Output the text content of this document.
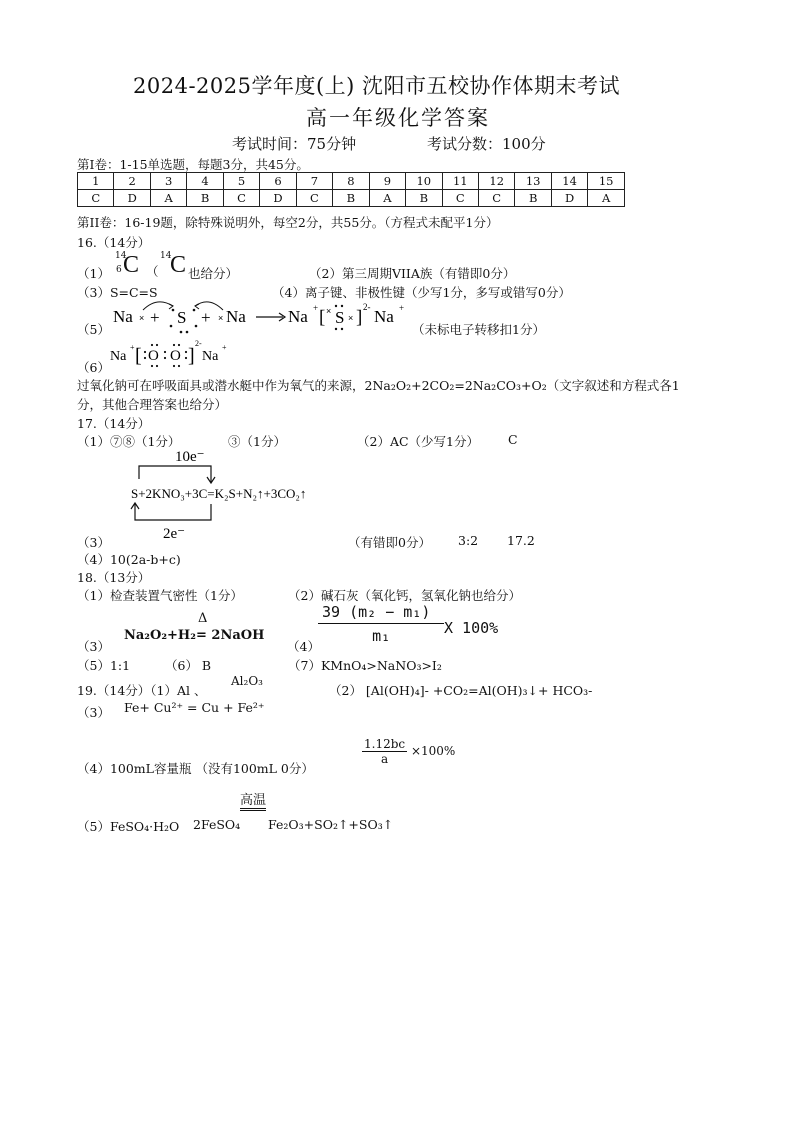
2024-2025学年度(上) 沈阳市五校协作体期末考试
高一年级化学答案
考试时间：75分钟	考试分数：100分
第Ⅰ卷：1-15单选题，每题3分，共45分。
1	2	3	4	5	6	7	8	9	10	11	12	13	14	15
C	D	A	B	C	D	C	B	A	B	C	C	B	D	A
第II卷：16-19题，除特殊说明外，每空2分，共55分。（方程式未配平1分）
16.（14分）
（1）
14
6 C （
14
C 也给分）	（2）第三周期VIIA族（有错即0分）
（3）S=C=S	（4）离子键、非极性键（少写1分，多写或错写0分）
（5）
Na × + S + × Na Na + [ × S × ] 2- Na +
（未标电子转移扣1分）
（6）
Na
+ [ O O ]
2-
Na
+
过氧化钠可在呼吸面具或潜水艇中作为氧气的来源，2Na₂O₂+2CO₂=2Na₂CO₃+O₂（文字叙述和方程式各1
分，其他合理答案也给分）
17.（14分）
（1）⑦⑧（1分）	③（1分）	（2）AC（少写1分） C
10e⁻
S+2KNO₃+3C=K₂S+N₂↑+3CO₂↑
2e⁻
（3）	（有错即0分） 3:2 17.2
（4）10(2a-b+c)
18.（13分）
（1）检查装置气密性（1分）	（2）碱石灰（氧化钙，氢氧化钠也给分）
（3）
Na₂O₂+H₂
Δ
= 2NaOH
（4）
$\frac{\text{39 (m₂ − m₁)}}{\text{m₁}}$ X 100%
（5）1:1	（6） B	（7）KMnO₄>NaNO₃>I₂
19.（14分）（1）Al 、
Al₂O₃
（2） [Al(OH)₄]- +CO₂=Al(OH)₃↓+ HCO₃-
（3） Fe+ Cu²⁺ = Cu + Fe²⁺
（4）100mL容量瓶 （没有100mL 0分）
$\frac{1.12bc}{a} \times 100\%$
高温
（5）FeSO₄·H₂O 2FeSO₄ Fe₂O₃+SO₂↑+SO₃↑
